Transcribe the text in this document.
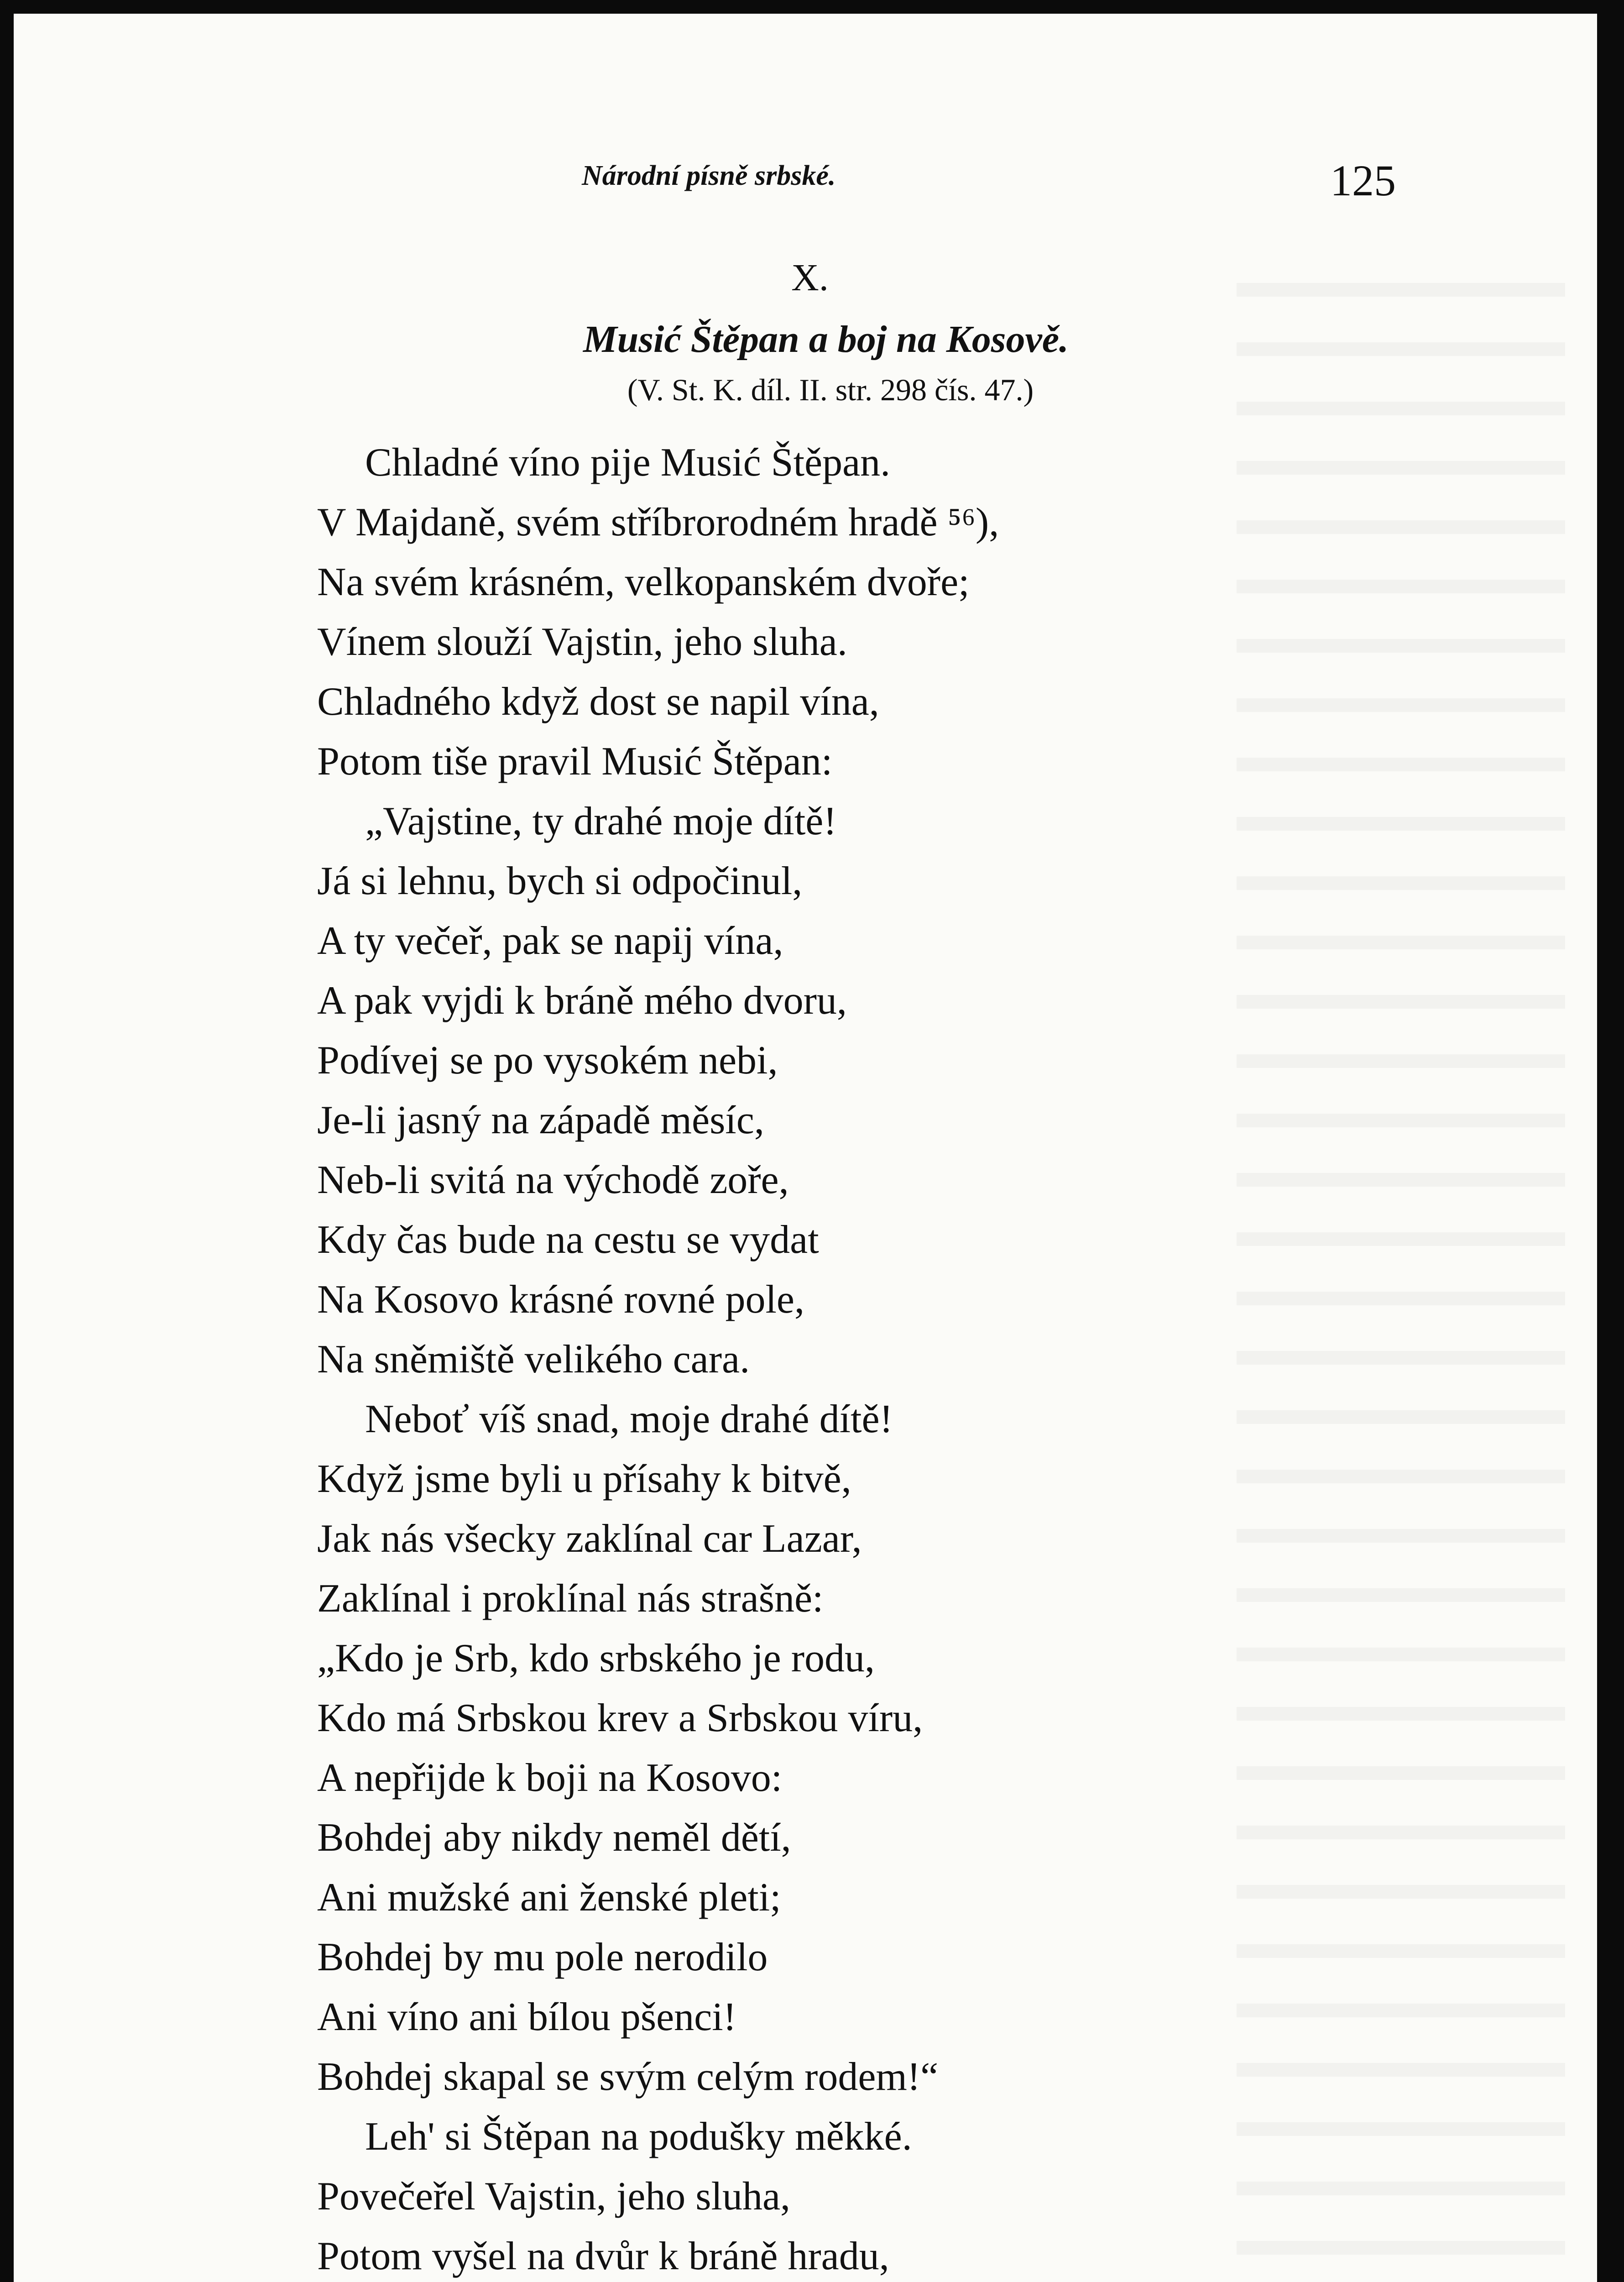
Národní písně srbské.	125
X.
Musić Štěpan a boj na Kosově.
(V. St. K. díl. II. str. 298 čís. 47.)
Chladné víno pije Musić Štěpan.
V Majdaně, svém stříbrorodném hradě ⁵⁶),
Na svém krásném, velkopanském dvoře;
Vínem slouží Vajstin, jeho sluha.
Chladného když dost se napil vína,
Potom tiše pravil Musić Štěpan:
„Vajstine, ty drahé moje dítě!
Já si lehnu, bych si odpočinul,
A ty večeř, pak se napij vína,
A pak vyjdi k bráně mého dvoru,
Podívej se po vysokém nebi,
Je-li jasný na západě měsíc,
Neb-li svitá na východě zoře,
Kdy čas bude na cestu se vydat
Na Kosovo krásné rovné pole,
Na sněmiště velikého cara.
Neboť víš snad, moje drahé dítě!
Když jsme byli u přísahy k bitvě,
Jak nás všecky zaklínal car Lazar,
Zaklínal i proklínal nás strašně:
„Kdo je Srb, kdo srbského je rodu,
Kdo má Srbskou krev a Srbskou víru,
A nepřijde k boji na Kosovo:
Bohdej aby nikdy neměl dětí,
Ani mužské ani ženské pleti;
Bohdej by mu pole nerodilo
Ani víno ani bílou pšenci!
Bohdej skapal se svým celým rodem!“
Leh' si Štěpan na podušky měkké.
Povečeřel Vajstin, jeho sluha,
Potom vyšel na dvůr k bráně hradu,
